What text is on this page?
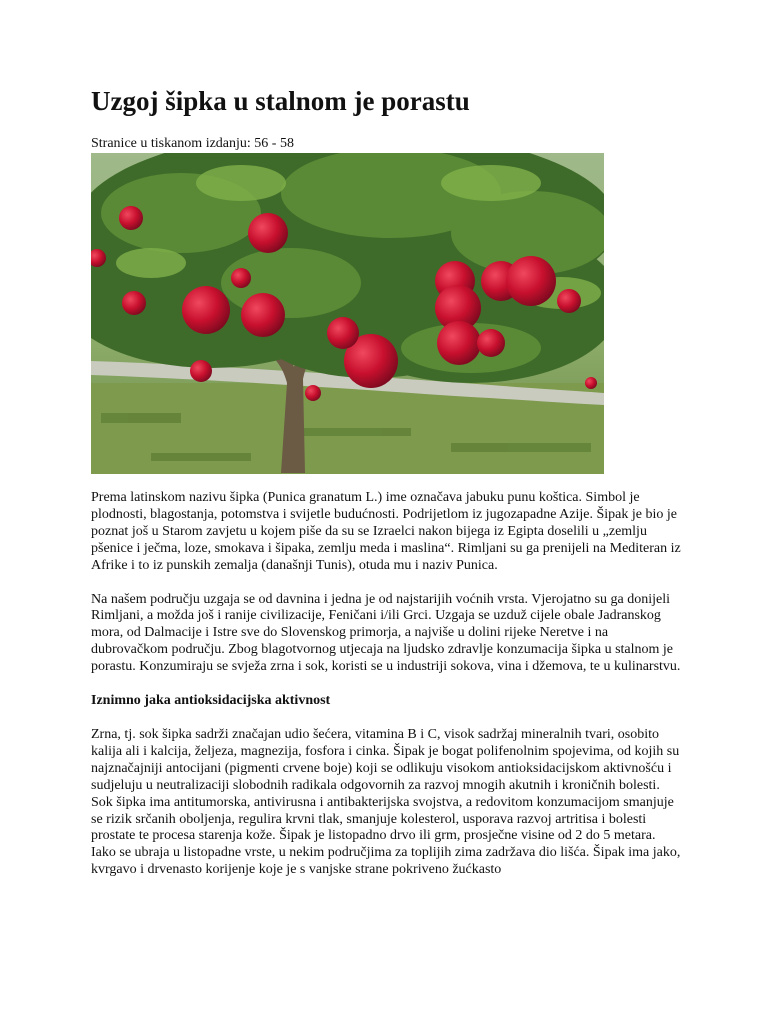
Uzgoj šipka u stalnom je porastu
Stranice u tiskanom izdanju: 56 - 58

Prema latinskom nazivu šipka (Punica granatum L.) ime označava jabuku punu koštica. Simbol je plodnosti, blagostanja, potomstva i svijetle budućnosti. Podrijetlom iz jugozapadne Azije. Šipak je bio je poznat još u Starom zavjetu u kojem piše da su se Izraelci nakon bijega iz Egipta doselili u „zemlju pšenice i ječma, loze, smokava i šipaka, zemlju meda i maslina“. Rimljani su ga prenijeli na Mediteran iz Afrike i to iz punskih zemalja (današnji Tunis), otuda mu i naziv Punica.

Na našem području uzgaja se od davnina i jedna je od najstarijih voćnih vrsta. Vjerojatno su ga donijeli Rimljani, a možda još i ranije civilizacije, Feničani i/ili Grci. Uzgaja se uzduž cijele obale Jadranskog mora, od Dalmacije i Istre sve do Slovenskog primorja, a najviše u dolini rijeke Neretve i na dubrovačkom području. Zbog blagotvornog utjecaja na ljudsko zdravlje konzumacija šipka u stalnom je porastu. Konzumiraju se svježa zrna i sok, koristi se u industriji sokova, vina i džemova, te u kulinarstvu.

Iznimno jaka antioksidacijska aktivnost

Zrna, tj. sok šipka sadrži značajan udio šećera, vitamina B i C, visok sadržaj mineralnih tvari, osobito kalija ali i kalcija, željeza, magnezija, fosfora i cinka. Šipak je bogat polifenolnim spojevima, od kojih su najznačajniji antocijani (pigmenti crvene boje) koji se odlikuju visokom antioksidacijskom aktivnošću i sudjeluju u neutralizaciji slobodnih radikala odgovornih za razvoj mnogih akutnih i kroničnih bolesti. Sok šipka ima antitumorska, antivirusna i antibakterijska svojstva, a redovitom konzumacijom smanjuje se rizik srčanih oboljenja, regulira krvni tlak, smanjuje kolesterol, usporava razvoj artritisa i bolesti prostate te procesa starenja kože. Šipak je listopadno drvo ili grm, prosječne visine od 2 do 5 metara. Iako se ubraja u listopadne vrste, u nekim područjima za toplijih zima zadržava dio lišća. Šipak ima jako, kvrgavo i drvenasto korijenje koje je s vanjske strane pokriveno žućkasto
